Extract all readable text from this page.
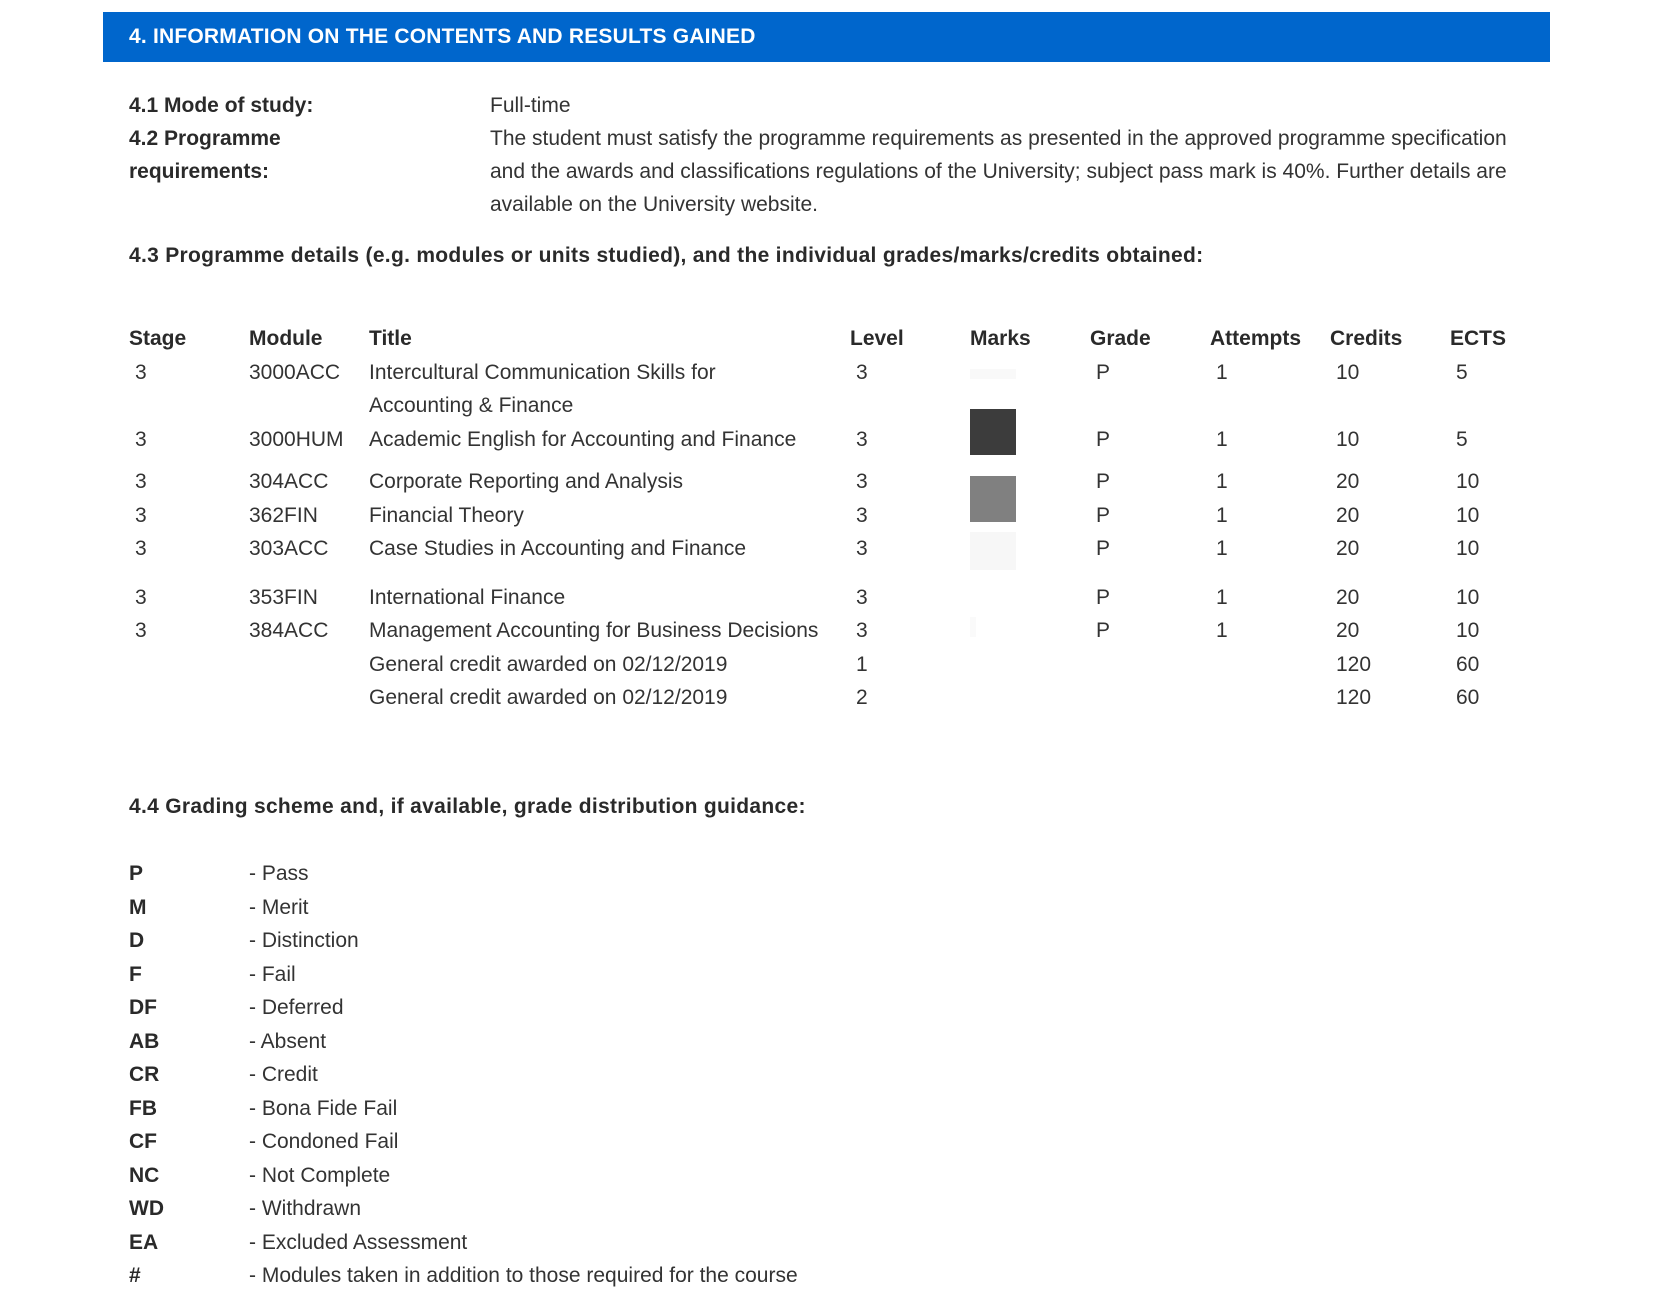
4. INFORMATION ON THE CONTENTS AND RESULTS GAINED
4.1 Mode of study:	Full-time
4.2 Programme
requirements:
The student must satisfy the programme requirements as presented in the approved programme specification and the awards and classifications regulations of the University; subject pass mark is 40%. Further details are available on the University website.
4.3 Programme details (e.g. modules or units studied), and the individual grades/marks/credits obtained:
Stage	Module	Title	Level	Marks	Grade	Attempts	Credits	ECTS
3	3000ACC	Intercultural Communication Skills for Accounting & Finance	3		P	1	10	5
3	3000HUM	Academic English for Accounting and Finance	3		P	1	10	5
3	304ACC	Corporate Reporting and Analysis	3		P	1	20	10
3	362FIN	Financial Theory	3		P	1	20	10
3	303ACC	Case Studies in Accounting and Finance	3		P	1	20	10
3	353FIN	International Finance	3		P	1	20	10
3	384ACC	Management Accounting for Business Decisions	3		P	1	20	10
		General credit awarded on 02/12/2019	1				120	60
		General credit awarded on 02/12/2019	2				120	60
4.4 Grading scheme and, if available, grade distribution guidance:
P	- Pass
M	- Merit
D	- Distinction
F	- Fail
DF	- Deferred
AB	- Absent
CR	- Credit
FB	- Bona Fide Fail
CF	- Condoned Fail
NC	- Not Complete
WD	- Withdrawn
EA	- Excluded Assessment
#	- Modules taken in addition to those required for the course
